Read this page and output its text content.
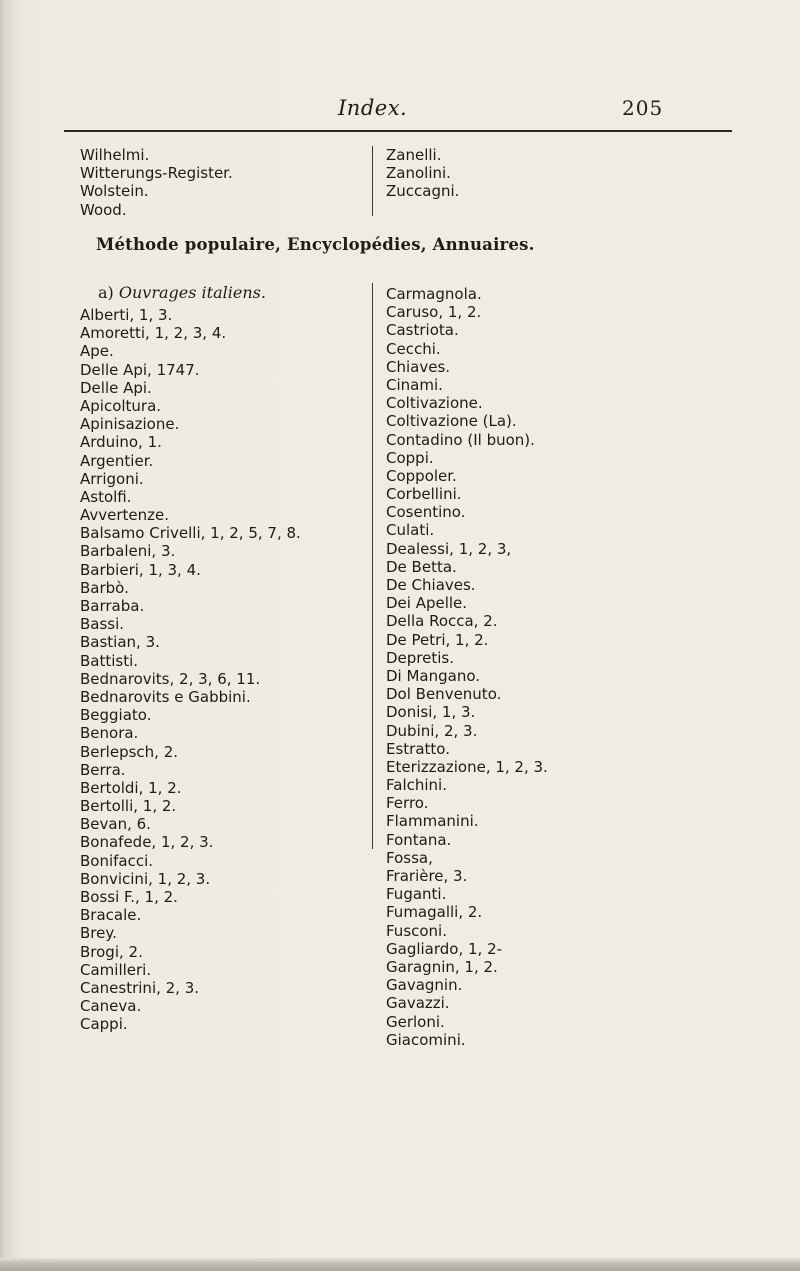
Index.	205
Wilhelmi.
Witterungs-Register.
Wolstein.
Wood.
Zanelli.
Zanolini.
Zuccagni.
Méthode populaire, Encyclopédies, Annuaires.
a) Ouvrages italiens.
Alberti, 1, 3.
Amoretti, 1, 2, 3, 4.
Ape.
Delle Api, 1747.
Delle Api.
Apicoltura.
Apinisazione.
Arduino, 1.
Argentier.
Arrigoni.
Astolfi.
Avvertenze.
Balsamo Crivelli, 1, 2, 5, 7, 8.
Barbaleni, 3.
Barbieri, 1, 3, 4.
Barbò.
Barraba.
Bassi.
Bastian, 3.
Battisti.
Bednarovits, 2, 3, 6, 11.
Bednarovits e Gabbini.
Beggiato.
Benora.
Berlepsch, 2.
Berra.
Bertoldi, 1, 2.
Bertolli, 1, 2.
Bevan, 6.
Bonafede, 1, 2, 3.
Bonifacci.
Bonvicini, 1, 2, 3.
Bossi F., 1, 2.
Bracale.
Brey.
Brogi, 2.
Camilleri.
Canestrini, 2, 3.
Caneva.
Cappi.
Carmagnola.
Caruso, 1, 2.
Castriota.
Cecchi.
Chiaves.
Cinami.
Coltivazione.
Coltivazione (La).
Contadino (Il buon).
Coppi.
Coppoler.
Corbellini.
Cosentino.
Culati.
Dealessi, 1, 2, 3,
De Betta.
De Chiaves.
Dei Apelle.
Della Rocca, 2.
De Petri, 1, 2.
Depretis.
Di Mangano.
Dol Benvenuto.
Donisi, 1, 3.
Dubini, 2, 3.
Estratto.
Eterizzazione, 1, 2, 3.
Falchini.
Ferro.
Flammanini.
Fontana.
Fossa,
Frarière, 3.
Fuganti.
Fumagalli, 2.
Fusconi.
Gagliardo, 1, 2-
Garagnin, 1, 2.
Gavagnin.
Gavazzi.
Gerloni.
Giacomini.
